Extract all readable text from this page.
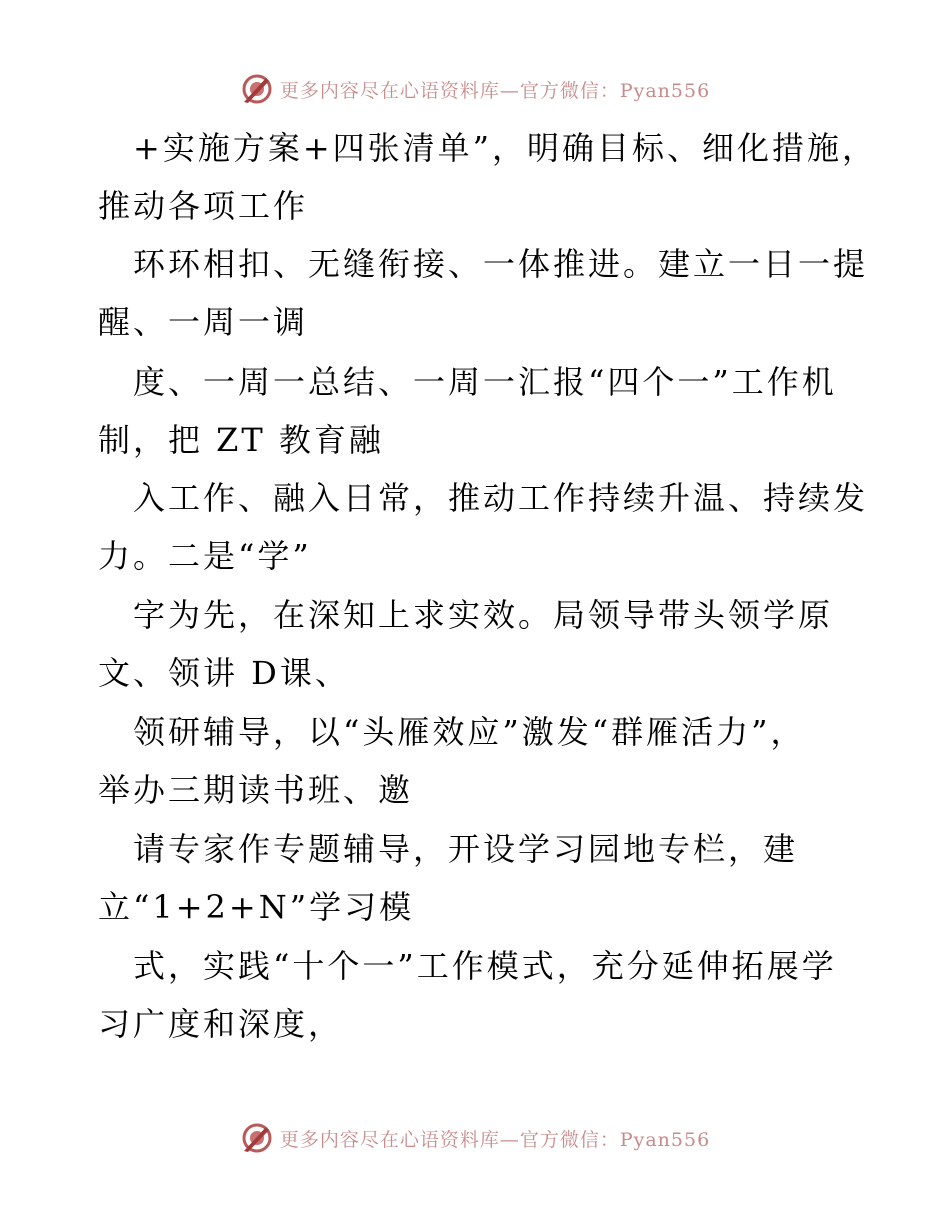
更多内容尽在心语资料库—官方微信：Pyan556
+实施方案+四张清单”，明确目标、细化措施，
推动各项工作
环环相扣、无缝衔接、一体推进。建立一日一提
醒、一周一调
度、一周一总结、一周一汇报“四个一”工作机
制，把 ZT 教育融
入工作、融入日常，推动工作持续升温、持续发
力。二是“学”
字为先，在深知上求实效。局领导带头领学原
文、领讲 D课、
领研辅导，以“头雁效应”激发“群雁活力”，
举办三期读书班、邀
请专家作专题辅导，开设学习园地专栏，建
立“1+2+N”学习模
式，实践“十个一”工作模式，充分延伸拓展学
习广度和深度，
更多内容尽在心语资料库—官方微信：Pyan556
